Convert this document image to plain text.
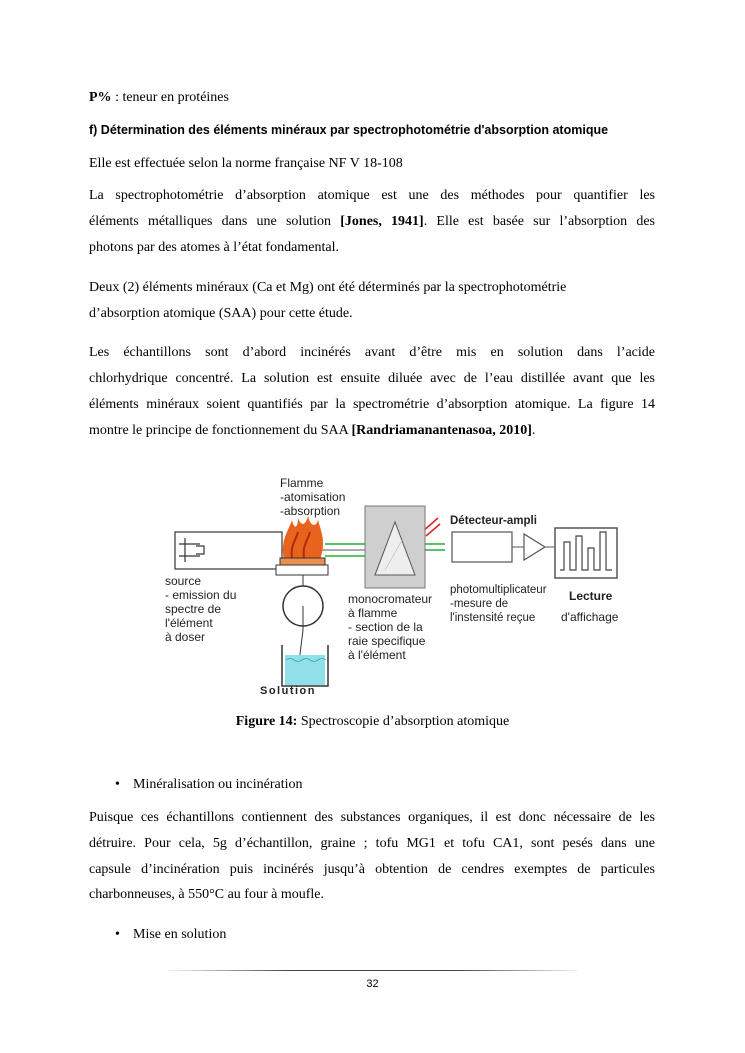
P% : teneur en protéines
f) Détermination des éléments minéraux par spectrophotométrie d'absorption atomique
Elle est effectuée selon la norme française NF V 18-108
La spectrophotométrie d’absorption atomique est une des méthodes pour quantifier les
éléments métalliques dans une solution [Jones, 1941]. Elle est basée sur l’absorption des
photons par des atomes à l’état fondamental.
Deux (2) éléments minéraux (Ca et Mg) ont été déterminés par la spectrophotométrie
d’absorption atomique (SAA) pour cette étude.
Les échantillons sont d’abord incinérés avant d’être mis en solution dans l’acide
chlorhydrique concentré. La solution est ensuite diluée avec de l’eau distillée avant que les
éléments minéraux soient quantifiés par la spectrométrie d’absorption atomique. La figure 14
montre le principe de fonctionnement du SAA [Randriamanantenasoa, 2010].
Flamme
-atomisation
-absorption
source
- emission du
spectre de
l'élément
à doser
monocromateur
à flamme
- section de la
raie specifique
à l'élément
Détecteur-ampli
photomultiplicateur
-mesure de
l'instensité reçue
Lecture
d'affichage
Solution
Figure 14: Spectroscopie d’absorption atomique
• Minéralisation ou incinération
Puisque ces échantillons contiennent des substances organiques, il est donc nécessaire de les
détruire. Pour cela, 5g d’échantillon, graine ; tofu MG1 et tofu CA1, sont pesés dans une
capsule d’incinération puis incinérés jusqu’à obtention de cendres exemptes de particules
charbonneuses, à 550°C au four à moufle.
• Mise en solution
32
